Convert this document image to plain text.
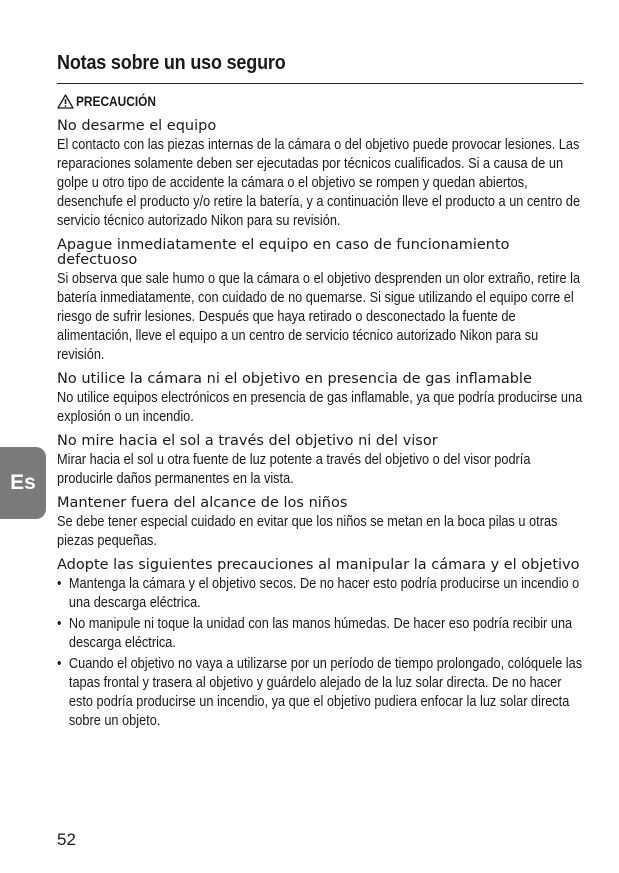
Notas sobre un uso seguro
PRECAUCIÓN
No desarme el equipo
El contacto con las piezas internas de la cámara o del objetivo puede provocar lesiones. Las reparaciones solamente deben ser ejecutadas por técnicos cualificados. Si a causa de un golpe u otro tipo de accidente la cámara o el objetivo se rompen y quedan abiertos, desenchufe el producto y/o retire la batería, y a continuación lleve el producto a un centro de servicio técnico autorizado Nikon para su revisión.
Apague inmediatamente el equipo en caso de funcionamiento defectuoso
Si observa que sale humo o que la cámara o el objetivo desprenden un olor extraño, retire la batería inmediatamente, con cuidado de no quemarse. Si sigue utilizando el equipo corre el riesgo de sufrir lesiones. Después que haya retirado o desconectado la fuente de alimentación, lleve el equipo a un centro de servicio técnico autorizado Nikon para su revisión.
No utilice la cámara ni el objetivo en presencia de gas inflamable
No utilice equipos electrónicos en presencia de gas inflamable, ya que podría producirse una explosión o un incendio.
No mire hacia el sol a través del objetivo ni del visor
Mirar hacia el sol u otra fuente de luz potente a través del objetivo o del visor podría producirle daños permanentes en la vista.
Mantener fuera del alcance de los niños
Se debe tener especial cuidado en evitar que los niños se metan en la boca pilas u otras piezas pequeñas.
Adopte las siguientes precauciones al manipular la cámara y el objetivo
• Mantenga la cámara y el objetivo secos. De no hacer esto podría producirse un incendio o una descarga eléctrica.
• No manipule ni toque la unidad con las manos húmedas. De hacer eso podría recibir una descarga eléctrica.
• Cuando el objetivo no vaya a utilizarse por un período de tiempo prolongado, colóquele las tapas frontal y trasera al objetivo y guárdelo alejado de la luz solar directa. De no hacer esto podría producirse un incendio, ya que el objetivo pudiera enfocar la luz solar directa sobre un objeto.
Es
52
